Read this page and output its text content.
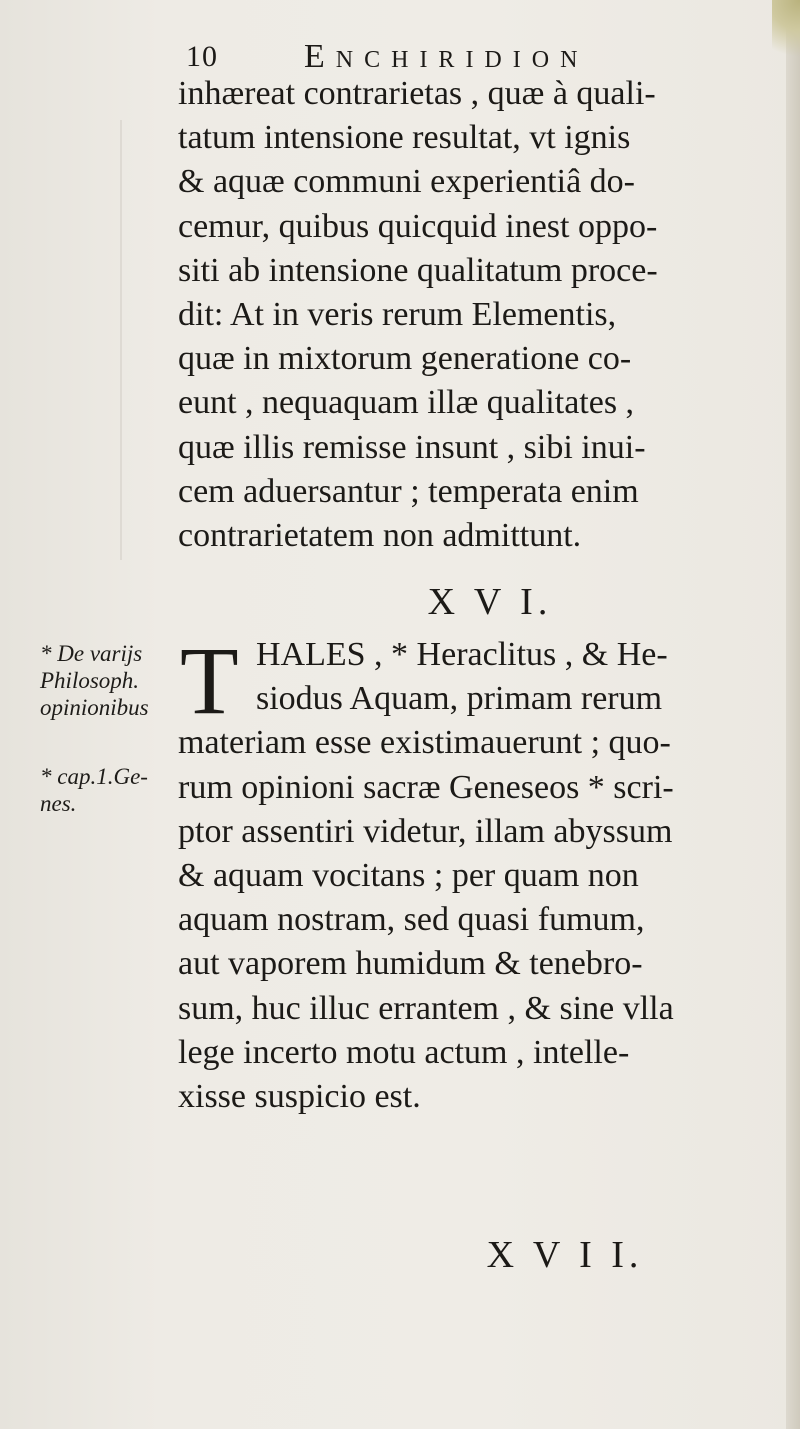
10	Enchiridion
inhæreat contrarietas , quæ à quali-
tatum intensione resultat, vt ignis
& aquæ communi experientiâ do-
cemur, quibus quicquid inest oppo-
siti ab intensione qualitatum proce-
dit: At in veris rerum Elementis,
quæ in mixtorum generatione co-
eunt , nequaquam illæ qualitates ,
quæ illis remisse insunt , sibi inui-
cem aduersantur ; temperata enim
contrarietatem non admittunt.
X V I.
* De varijs
Philosoph.
opinionibus
* cap.1.Ge-
nes.
T HALES , * Heraclitus , & He-
siodus Aquam, primam rerum
materiam esse existimauerunt ; quo-
rum opinioni sacræ Geneseos * scri-
ptor assentiri videtur, illam abyssum
& aquam vocitans ; per quam non
aquam nostram, sed quasi fumum,
aut vaporem humidum & tenebro-
sum, huc illuc errantem , & sine vlla
lege incerto motu actum , intelle-
xisse suspicio est.
X V I I.
